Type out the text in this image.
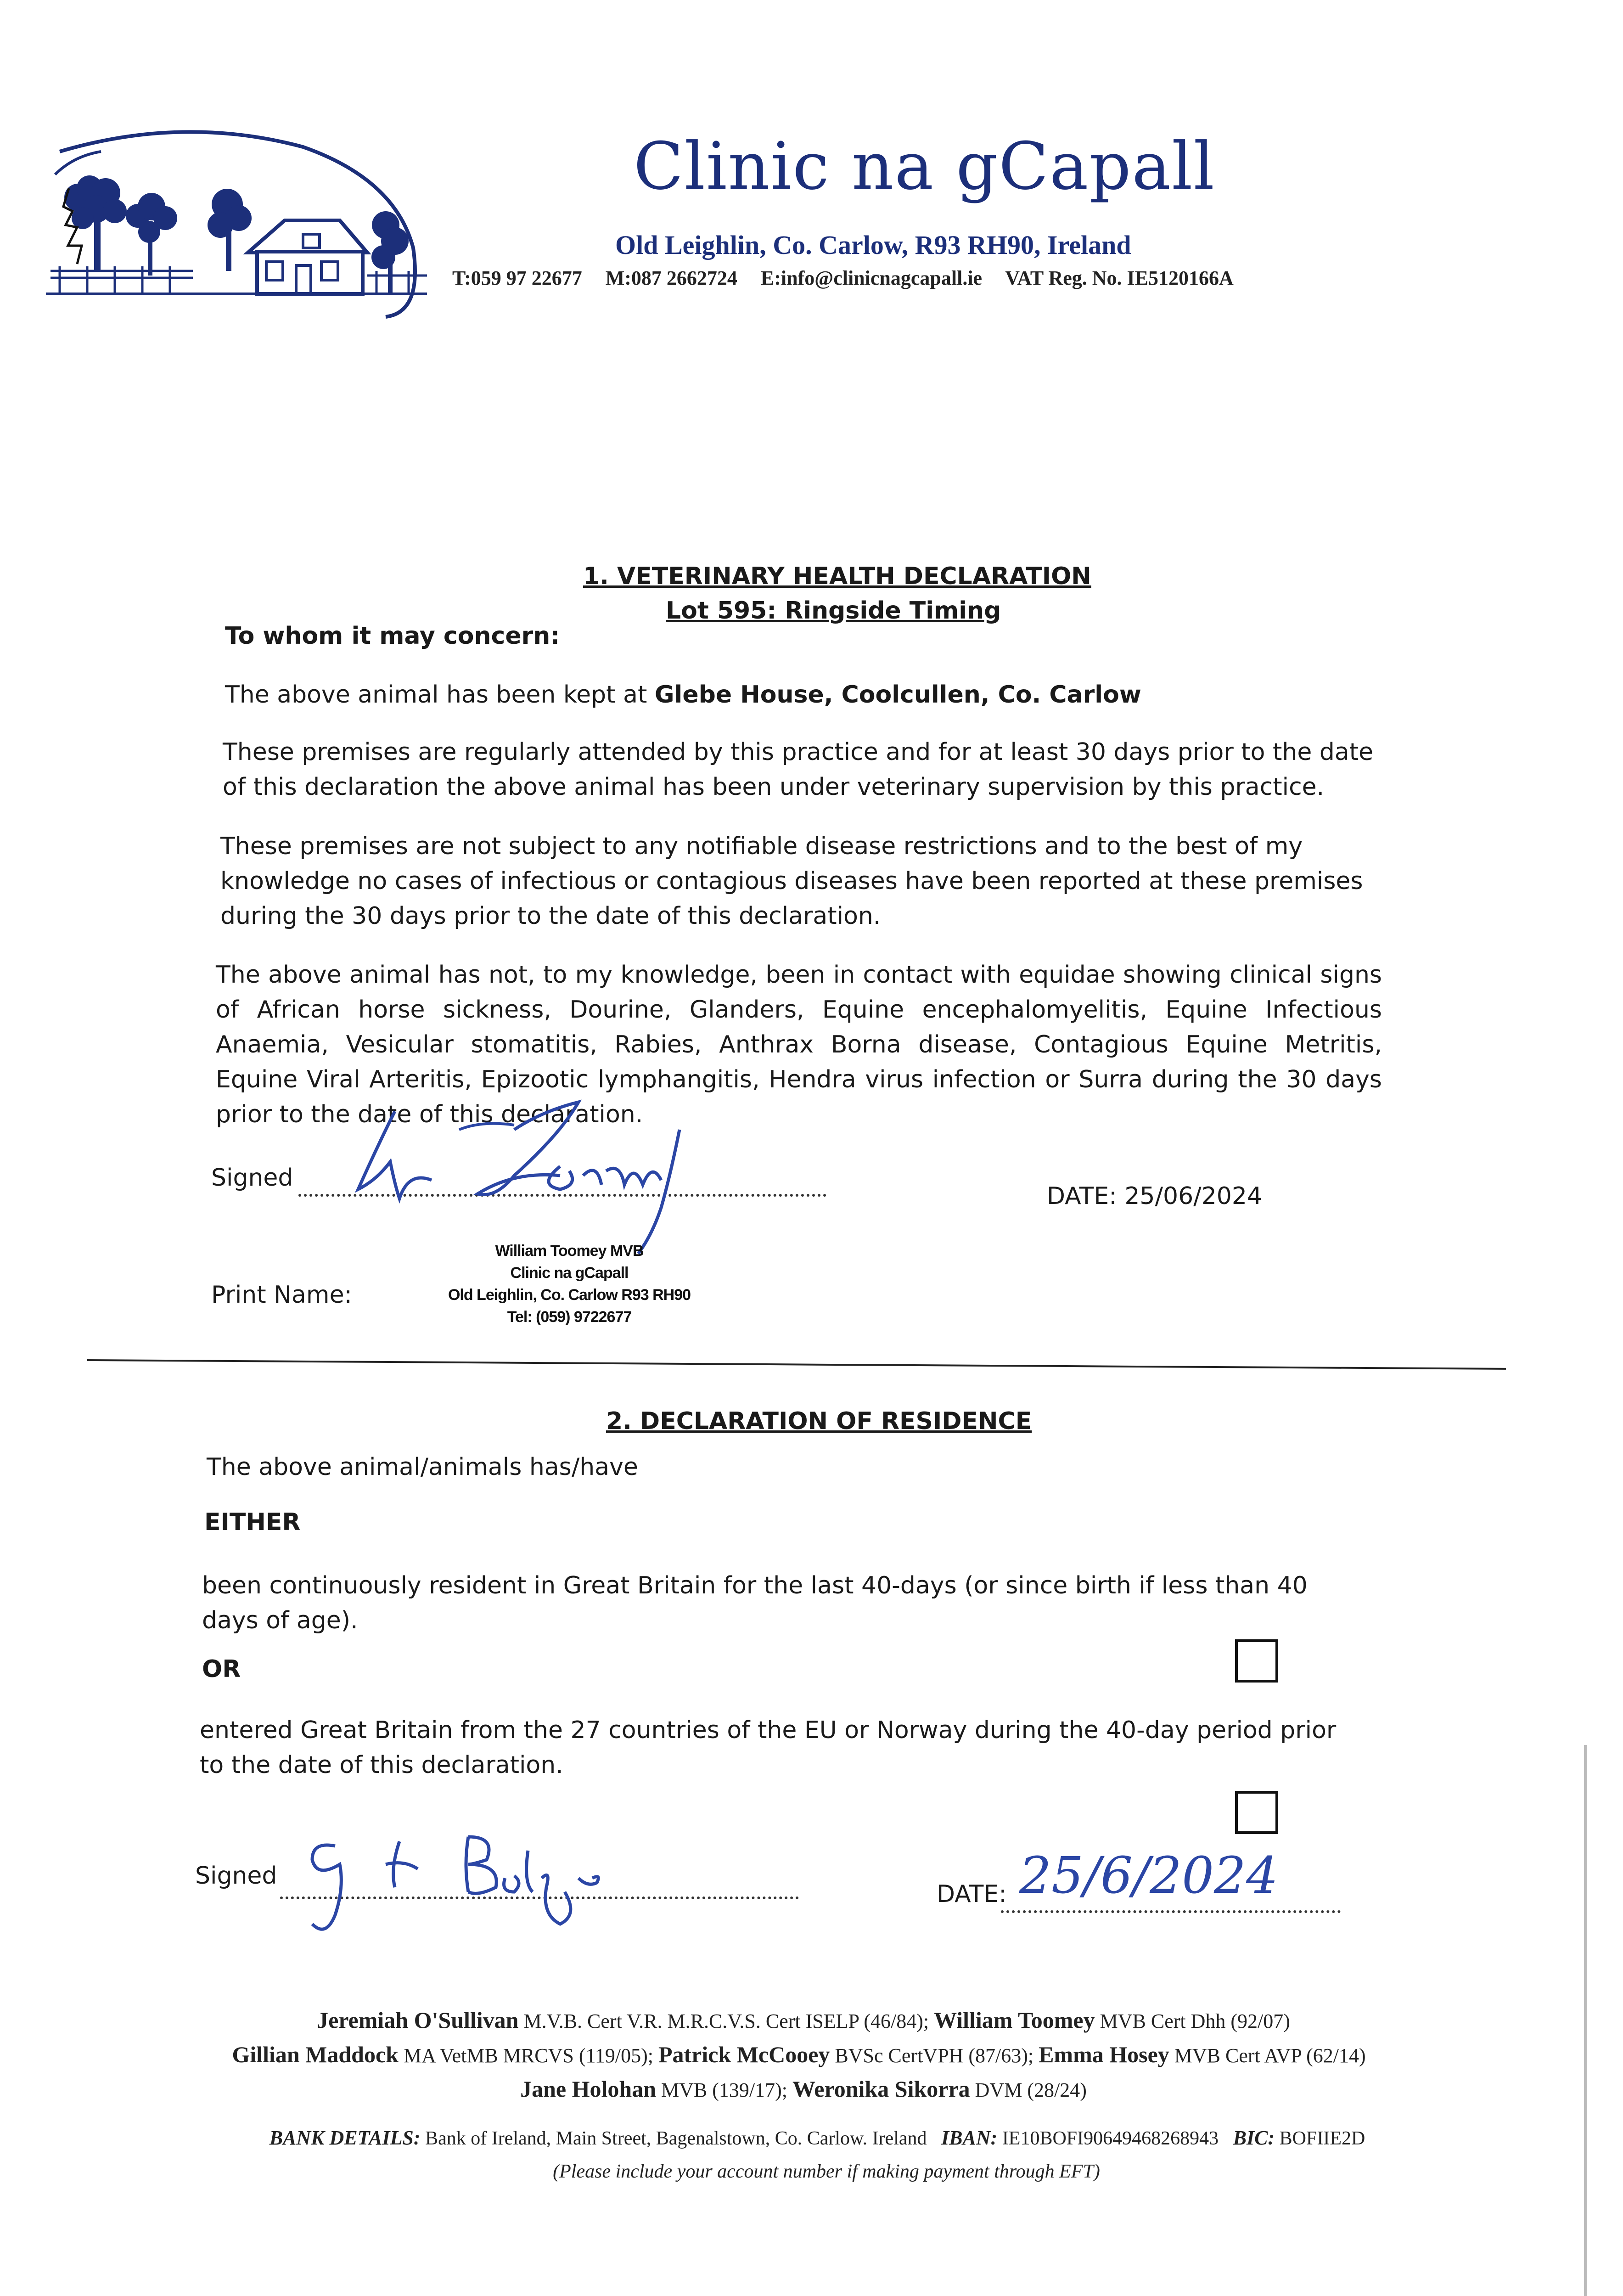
Clinic na gCapall
Old Leighlin, Co. Carlow, R93 RH90, Ireland
T:059 97 22677 M:087 2662724 E:info@clinicnagcapall.ie VAT Reg. No. IE5120166A
1. VETERINARY HEALTH DECLARATION
Lot 595: Ringside Timing
To whom it may concern:
The above animal has been kept at Glebe House, Coolcullen, Co. Carlow
These premises are regularly attended by this practice and for at least 30 days prior to the date of this declaration the above animal has been under veterinary supervision by this practice.
These premises are not subject to any notifiable disease restrictions and to the best of my knowledge no cases of infectious or contagious diseases have been reported at these premises during the 30 days prior to the date of this declaration.
The above animal has not, to my knowledge, been in contact with equidae showing clinical signs of African horse sickness, Dourine, Glanders, Equine encephalomyelitis, Equine Infectious Anaemia, Vesicular stomatitis, Rabies, Anthrax Borna disease, Contagious Equine Metritis, Equine Viral Arteritis, Epizootic lymphangitis, Hendra virus infection or Surra during the 30 days prior to the date of this declaration.
Signed
DATE: 25/06/2024
William Toomey MVB
Clinic na gCapall
Old Leighlin, Co. Carlow R93 RH90
Tel: (059) 9722677
Print Name:
2. DECLARATION OF RESIDENCE
The above animal/animals has/have
EITHER
been continuously resident in Great Britain for the last 40-days (or since birth if less than 40 days of age).
OR
entered Great Britain from the 27 countries of the EU or Norway during the 40-day period prior to the date of this declaration.
Signed
DATE: 25/6/2024
Jeremiah O'Sullivan M.V.B. Cert V.R. M.R.C.V.S. Cert ISELP (46/84); William Toomey MVB Cert Dhh (92/07)
Gillian Maddock MA VetMB MRCVS (119/05); Patrick McCooey BVSc CertVPH (87/63); Emma Hosey MVB Cert AVP (62/14)
Jane Holohan MVB (139/17); Weronika Sikorra DVM (28/24)
BANK DETAILS: Bank of Ireland, Main Street, Bagenalstown, Co. Carlow. Ireland IBAN: IE10BOFI90649468268943 BIC: BOFIIE2D
(Please include your account number if making payment through EFT)
